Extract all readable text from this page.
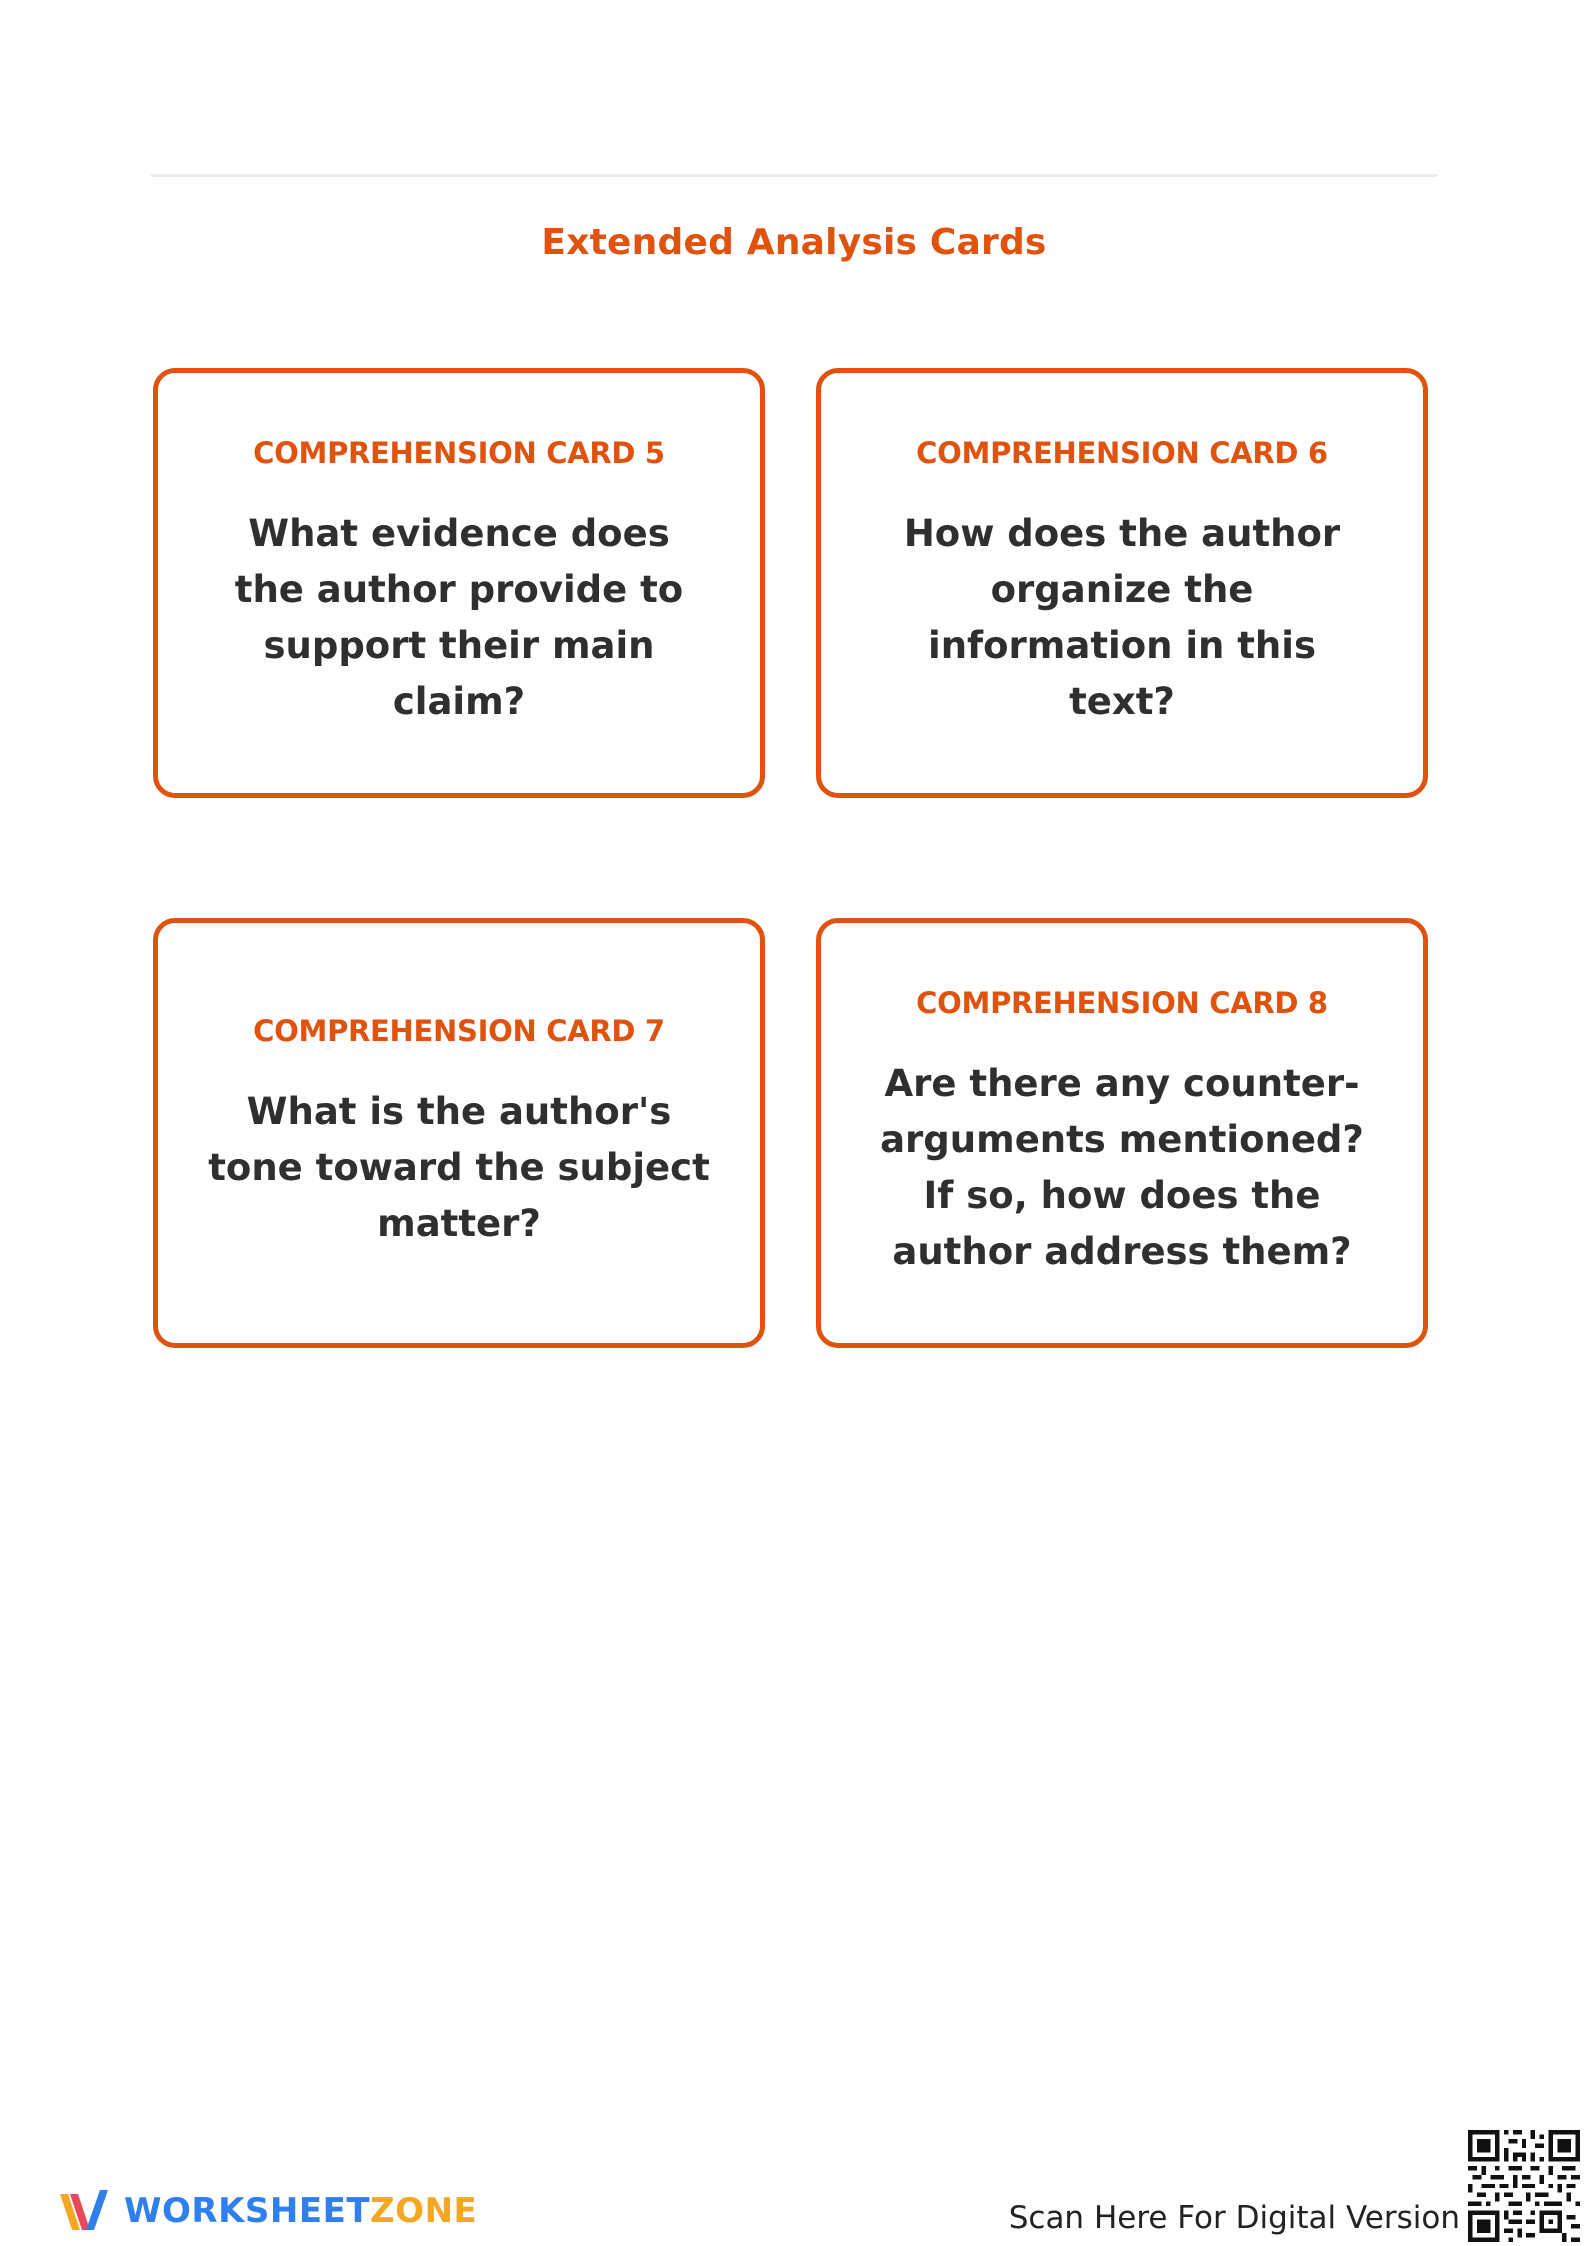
Extended Analysis Cards
COMPREHENSION CARD 5
What evidence does the author provide to support their main claim?
COMPREHENSION CARD 6
How does the author organize the information in this text?
COMPREHENSION CARD 7
What is the author's tone toward the subject matter?
COMPREHENSION CARD 8
Are there any counter-arguments mentioned? If so, how does the author address them?
WORKSHEETZONE	Scan Here For Digital Version
